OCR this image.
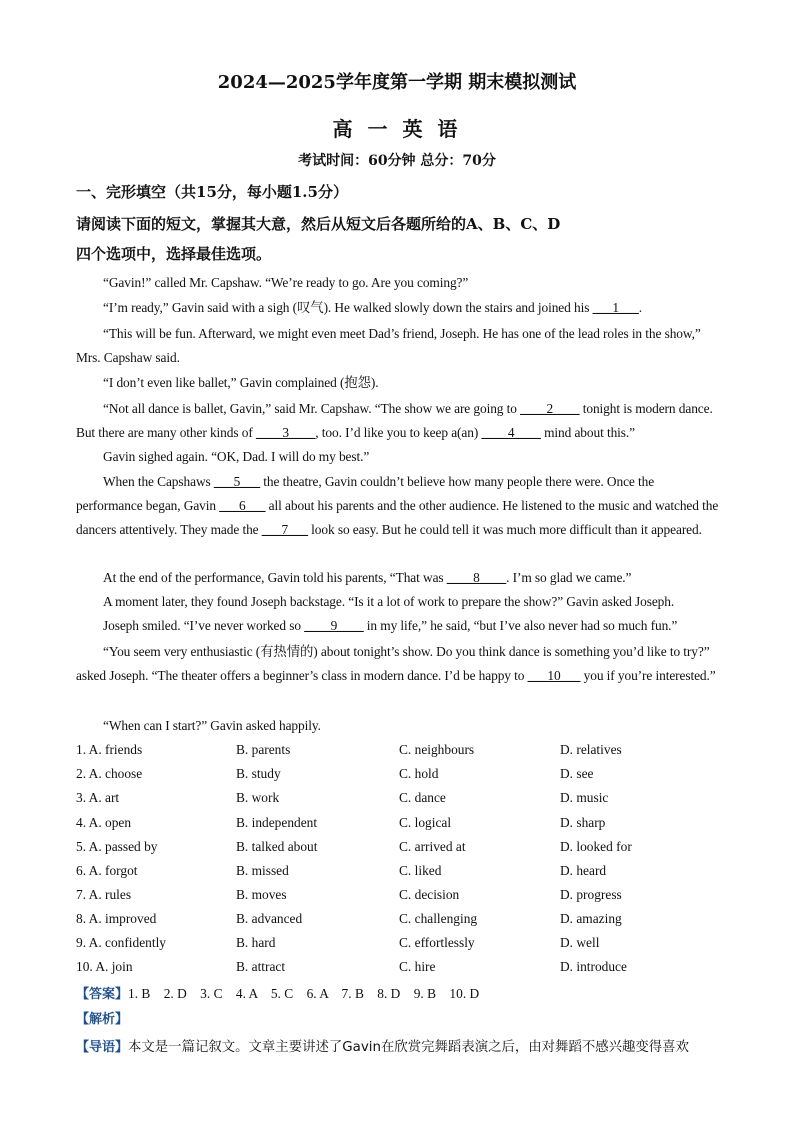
2024—2025学年度第一学期 期末模拟测试
高 一 英 语
考试时间：60分钟 总分：70分
一、完形填空（共15分，每小题1.5分）
请阅读下面的短文，掌握其大意，然后从短文后各题所给的A、B、C、D
四个选项中，选择最佳选项。
“Gavin!” called Mr. Capshaw. “We’re ready to go. Are you coming?”
“I’m ready,” Gavin said with a sigh (叹气). He walked slowly down the stairs and joined his ___1___.
“This will be fun. Afterward, we might even meet Dad’s friend, Joseph. He has one of the lead roles in the show,” Mrs. Capshaw said.
“I don’t even like ballet,” Gavin complained (抱怨).
“Not all dance is ballet, Gavin,” said Mr. Capshaw. “The show we are going to ____2____ tonight is modern dance. But there are many other kinds of ____3____, too. I’d like you to keep a(an) ____4____ mind about this.”
Gavin sighed again. “OK, Dad. I will do my best.”
When the Capshaws ___5___ the theatre, Gavin couldn’t believe how many people there were. Once the performance began, Gavin ___6___ all about his parents and the other audience. He listened to the music and watched the dancers attentively. They made the ___7___ look so easy. But he could tell it was much more difficult than it appeared.
At the end of the performance, Gavin told his parents, “That was ____8____. I’m so glad we came.”
A moment later, they found Joseph backstage. “Is it a lot of work to prepare the show?” Gavin asked Joseph.
Joseph smiled. “I’ve never worked so ____9____ in my life,” he said, “but I’ve also never had so much fun.”
“You seem very enthusiastic (有热情的) about tonight’s show. Do you think dance is something you’d like to try?” asked Joseph. “The theater offers a beginner’s class in modern dance. I’d be happy to ___10___ you if you’re interested.”
“When can I start?” Gavin asked happily.
1. A. friends	B. parents	C. neighbours	D. relatives
2. A. choose	B. study	C. hold	D. see
3. A. art	B. work	C. dance	D. music
4. A. open	B. independent	C. logical	D. sharp
5. A. passed by	B. talked about	C. arrived at	D. looked for
6. A. forgot	B. missed	C. liked	D. heard
7. A. rules	B. moves	C. decision	D. progress
8. A. improved	B. advanced	C. challenging	D. amazing
9. A. confidently	B. hard	C. effortlessly	D. well
10. A. join	B. attract	C. hire	D. introduce
【答案】1. B    2. D    3. C    4. A    5. C    6. A    7. B    8. D    9. B    10. D
【解析】
【导语】本文是一篇记叙文。文章主要讲述了Gavin在欣赏完舞蹈表演之后，由对舞蹈不感兴趣变得喜欢
